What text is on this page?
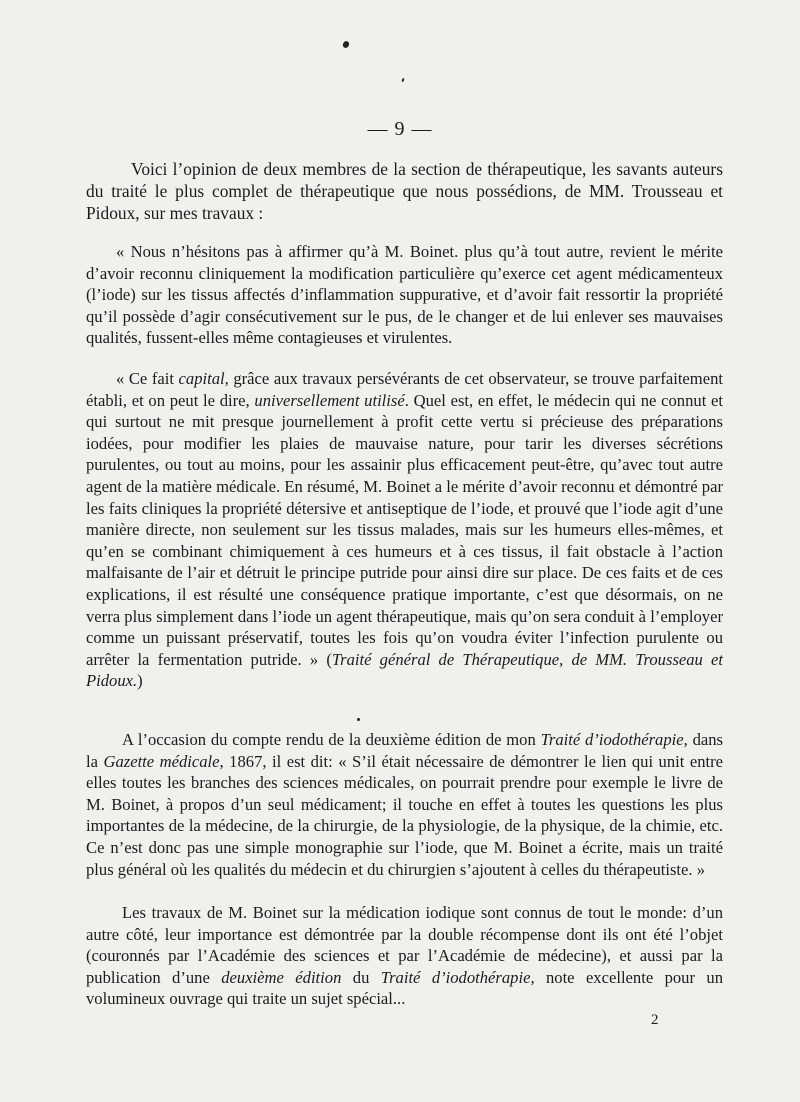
— 9 —
Voici l’opinion de deux membres de la section de thérapeutique, les savants auteurs du traité le plus complet de thérapeutique que nous possédions, de MM. Trousseau et Pidoux, sur mes travaux :
« Nous n’hésitons pas à affirmer qu’à M. Boinet. plus qu’à tout autre, revient le mérite d’avoir reconnu cliniquement la modification particulière qu’exerce cet agent médicamenteux (l’iode) sur les tissus affectés d’inflammation suppurative, et d’avoir fait ressortir la propriété qu’il possède d’agir consécutivement sur le pus, de le changer et de lui enlever ses mauvaises qualités, fussent-elles même contagieuses et virulentes.
« Ce fait capital, grâce aux travaux persévérants de cet observateur, se trouve parfaitement établi, et on peut le dire, universellement utilisé. Quel est, en effet, le médecin qui ne connut et qui surtout ne mit presque journellement à profit cette vertu si précieuse des préparations iodées, pour modifier les plaies de mauvaise nature, pour tarir les diverses sécrétions purulentes, ou tout au moins, pour les assainir plus efficacement peut-être, qu’avec tout autre agent de la matière médicale. En résumé, M. Boinet a le mérite d’avoir reconnu et démontré par les faits cliniques la propriété détersive et antiseptique de l’iode, et prouvé que l’iode agit d’une manière directe, non seulement sur les tissus malades, mais sur les humeurs elles-mêmes, et qu’en se combinant chimiquement à ces humeurs et à ces tissus, il fait obstacle à l’action malfaisante de l’air et détruit le principe putride pour ainsi dire sur place. De ces faits et de ces explications, il est résulté une conséquence pratique importante, c’est que désormais, on ne verra plus simplement dans l’iode un agent thérapeutique, mais qu’on sera conduit à l’employer comme un puissant préservatif, toutes les fois qu’on voudra éviter l’infection purulente ou arrêter la fermentation putride. » (Traité général de Thérapeutique, de MM. Trousseau et Pidoux.)
A l’occasion du compte rendu de la deuxième édition de mon Traité d’iodothérapie, dans la Gazette médicale, 1867, il est dit: « S’il était nécessaire de démontrer le lien qui unit entre elles toutes les branches des sciences médicales, on pourrait prendre pour exemple le livre de M. Boinet, à propos d’un seul médicament; il touche en effet à toutes les questions les plus importantes de la médecine, de la chirurgie, de la physiologie, de la physique, de la chimie, etc. Ce n’est donc pas une simple monographie sur l’iode, que M. Boinet a écrite, mais un traité plus général où les qualités du médecin et du chirurgien s’ajoutent à celles du thérapeutiste. »
Les travaux de M. Boinet sur la médication iodique sont connus de tout le monde: d’un autre côté, leur importance est démontrée par la double récompense dont ils ont été l’objet (couronnés par l’Académie des sciences et par l’Académie de médecine), et aussi par la publication d’une deuxième édition du Traité d’iodothérapie, note excellente pour un volumineux ouvrage qui traite un sujet spécial...
2
